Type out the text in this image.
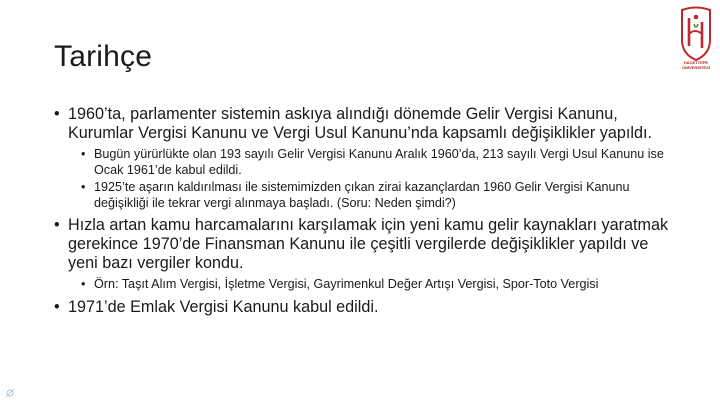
Tarihçe	HACETTEPE
ÜNİVERSİTESİ
• 1960’ta, parlamenter sistemin askıya alındığı dönemde Gelir Vergisi Kanunu, Kurumlar Vergisi Kanunu ve Vergi Usul Kanunu’nda kapsamlı değişiklikler yapıldı.
• Bugün yürürlükte olan 193 sayılı Gelir Vergisi Kanunu Aralık 1960’da, 213 sayılı Vergi Usul Kanunu ise Ocak 1961’de kabul edildi.
• 1925’te aşarın kaldırılması ile sistemimizden çıkan zirai kazançlardan 1960 Gelir Vergisi Kanunu değişikliği ile tekrar vergi alınmaya başladı. (Soru: Neden şimdi?)
• Hızla artan kamu harcamalarını karşılamak için yeni kamu gelir kaynakları yaratmak gerekince 1970’de Finansman Kanunu ile çeşitli vergilerde değişiklikler yapıldı ve yeni bazı vergiler kondu.
• Örn: Taşıt Alım Vergisi, İşletme Vergisi, Gayrimenkul Değer Artışı Vergisi, Spor-Toto Vergisi
• 1971’de Emlak Vergisi Kanunu kabul edildi.
